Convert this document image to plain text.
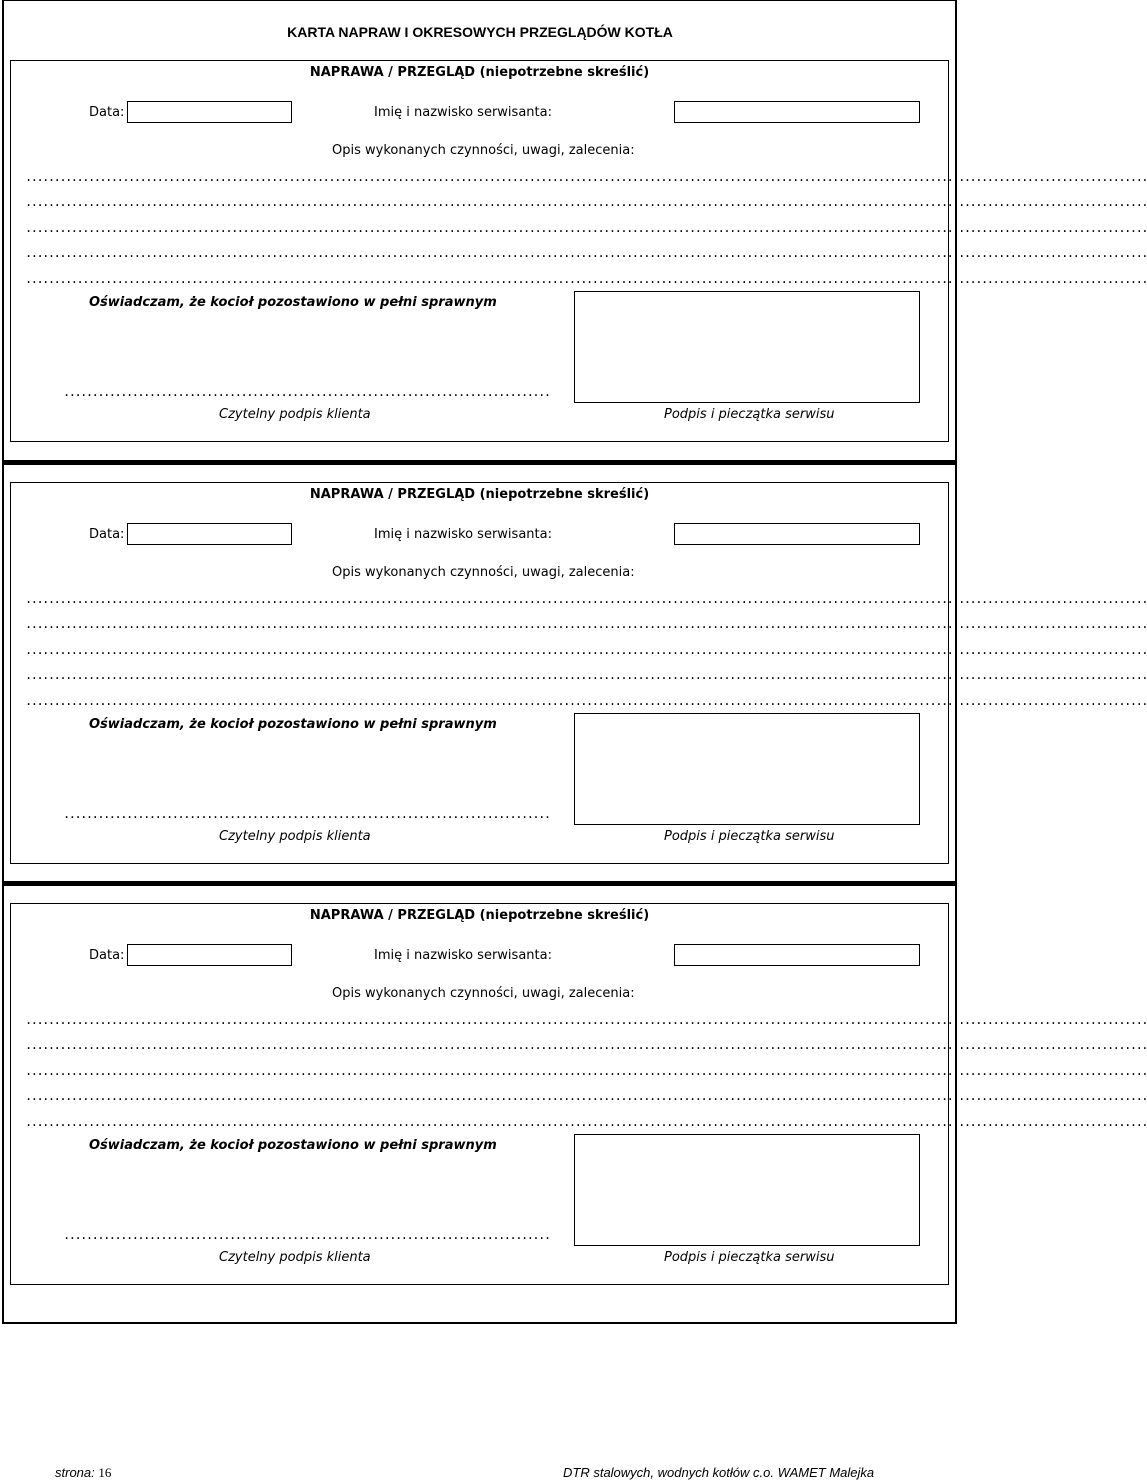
KARTA NAPRAW I OKRESOWYCH PRZEGLĄDÓW KOTŁA
NAPRAWA / PRZEGLĄD (niepotrzebne skreślić)
Data:	Imię i nazwisko serwisanta:
Opis wykonanych czynności, uwagi, zalecenia:
....................................................................................................................................................................................................
....................................................................................................................................................................................................
....................................................................................................................................................................................................
....................................................................................................................................................................................................
....................................................................................................................................................................................................
Oświadczam, że kocioł pozostawiono w pełni sprawnym
.....................................................................................
Czytelny podpis klienta	Podpis i pieczątka serwisu
NAPRAWA / PRZEGLĄD (niepotrzebne skreślić)
Data:	Imię i nazwisko serwisanta:
Opis wykonanych czynności, uwagi, zalecenia:
....................................................................................................................................................................................................
....................................................................................................................................................................................................
....................................................................................................................................................................................................
....................................................................................................................................................................................................
....................................................................................................................................................................................................
Oświadczam, że kocioł pozostawiono w pełni sprawnym
.....................................................................................
Czytelny podpis klienta	Podpis i pieczątka serwisu
NAPRAWA / PRZEGLĄD (niepotrzebne skreślić)
Data:	Imię i nazwisko serwisanta:
Opis wykonanych czynności, uwagi, zalecenia:
....................................................................................................................................................................................................
....................................................................................................................................................................................................
....................................................................................................................................................................................................
....................................................................................................................................................................................................
....................................................................................................................................................................................................
Oświadczam, że kocioł pozostawiono w pełni sprawnym
.....................................................................................
Czytelny podpis klienta	Podpis i pieczątka serwisu
strona: 16	DTR stalowych, wodnych kotłów c.o. WAMET Malejka
